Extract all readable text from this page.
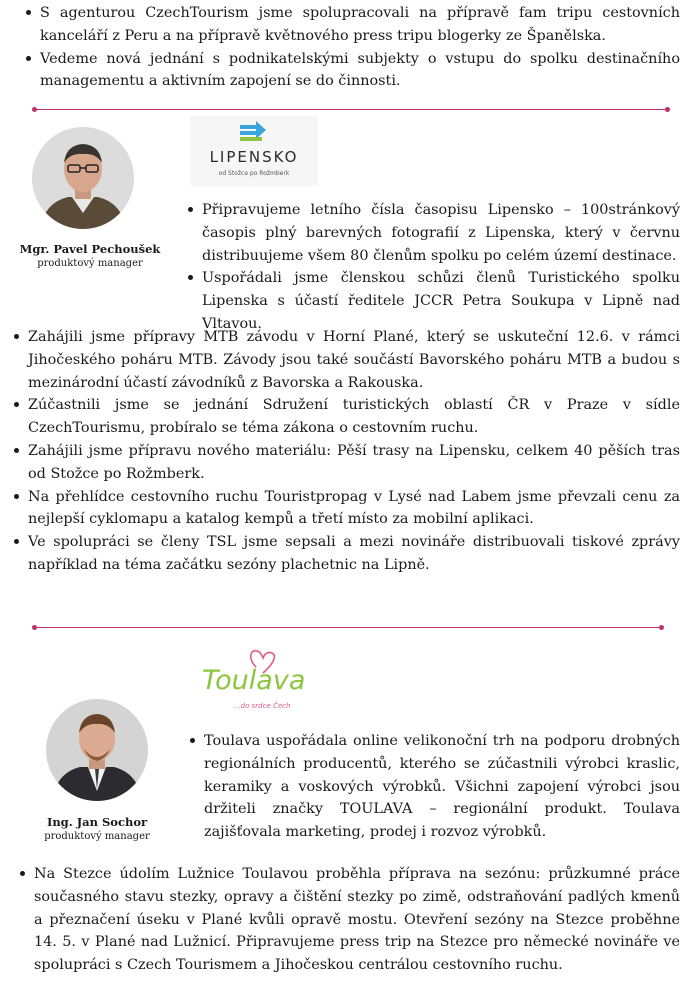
S agenturou CzechTourism jsme spolupracovali na přípravě fam tripu cestovních kanceláří z Peru a na přípravě květnového press tripu blogerky ze Španělska.
Vedeme nová jednání s podnikatelskými subjekty o vstupu do spolku destinačního managementu a aktivním zapojení se do činnosti.
Mgr. Pavel Pechoušek
produktový manager
LIPENSKO
od Stožce po Rožmberk
Připravujeme letního čísla časopisu Lipensko – 100stránkový časopis plný barevných fotografií z Lipenska, který v červnu distribuujeme všem 80 členům spolku po celém území destinace.
Uspořádali jsme členskou schůzi členů Turistického spolku Lipenska s účastí ředitele JCCR Petra Soukupa v Lipně nad Vltavou.
Zahájili jsme přípravy MTB závodu v Horní Plané, který se uskuteční 12.6. v rámci Jihočeského poháru MTB. Závody jsou také součástí Bavorského poháru MTB a budou s mezinárodní účastí závodníků z Bavorska a Rakouska.
Zúčastnili jsme se jednání Sdružení turistických oblastí ČR v Praze v sídle CzechTourismu, probíralo se téma zákona o cestovním ruchu.
Zahájili jsme přípravu nového materiálu: Pěší trasy na Lipensku, celkem 40 pěších tras od Stožce po Rožmberk.
Na přehlídce cestovního ruchu Touristpropag v Lysé nad Labem jsme převzali cenu za nejlepší cyklomapu a katalog kempů a třetí místo za mobilní aplikaci.
Ve spolupráci se členy TSL jsme sepsali a mezi novináře distribuovali tiskové zprávy například na téma začátku sezóny plachetnic na Lipně.
Toulava
...do srdce Čech
Ing. Jan Sochor
produktový manager
Toulava uspořádala online velikonoční trh na podporu drobných regionálních producentů, kterého se zúčastnili výrobci kraslic, keramiky a voskových výrobků. Všichni zapojení výrobci jsou držiteli značky TOULAVA – regionální produkt. Toulava zajišťovala marketing, prodej i rozvoz výrobků.
Na Stezce údolím Lužnice Toulavou proběhla příprava na sezónu: průzkumné práce současného stavu stezky, opravy a čištění stezky po zimě, odstraňování padlých kmenů a přeznačení úseku v Plané kvůli opravě mostu. Otevření sezóny na Stezce proběhne 14. 5. v Plané nad Lužnicí. Připravujeme press trip na Stezce pro německé novináře ve spolupráci s Czech Tourismem a Jihočeskou centrálou cestovního ruchu.
